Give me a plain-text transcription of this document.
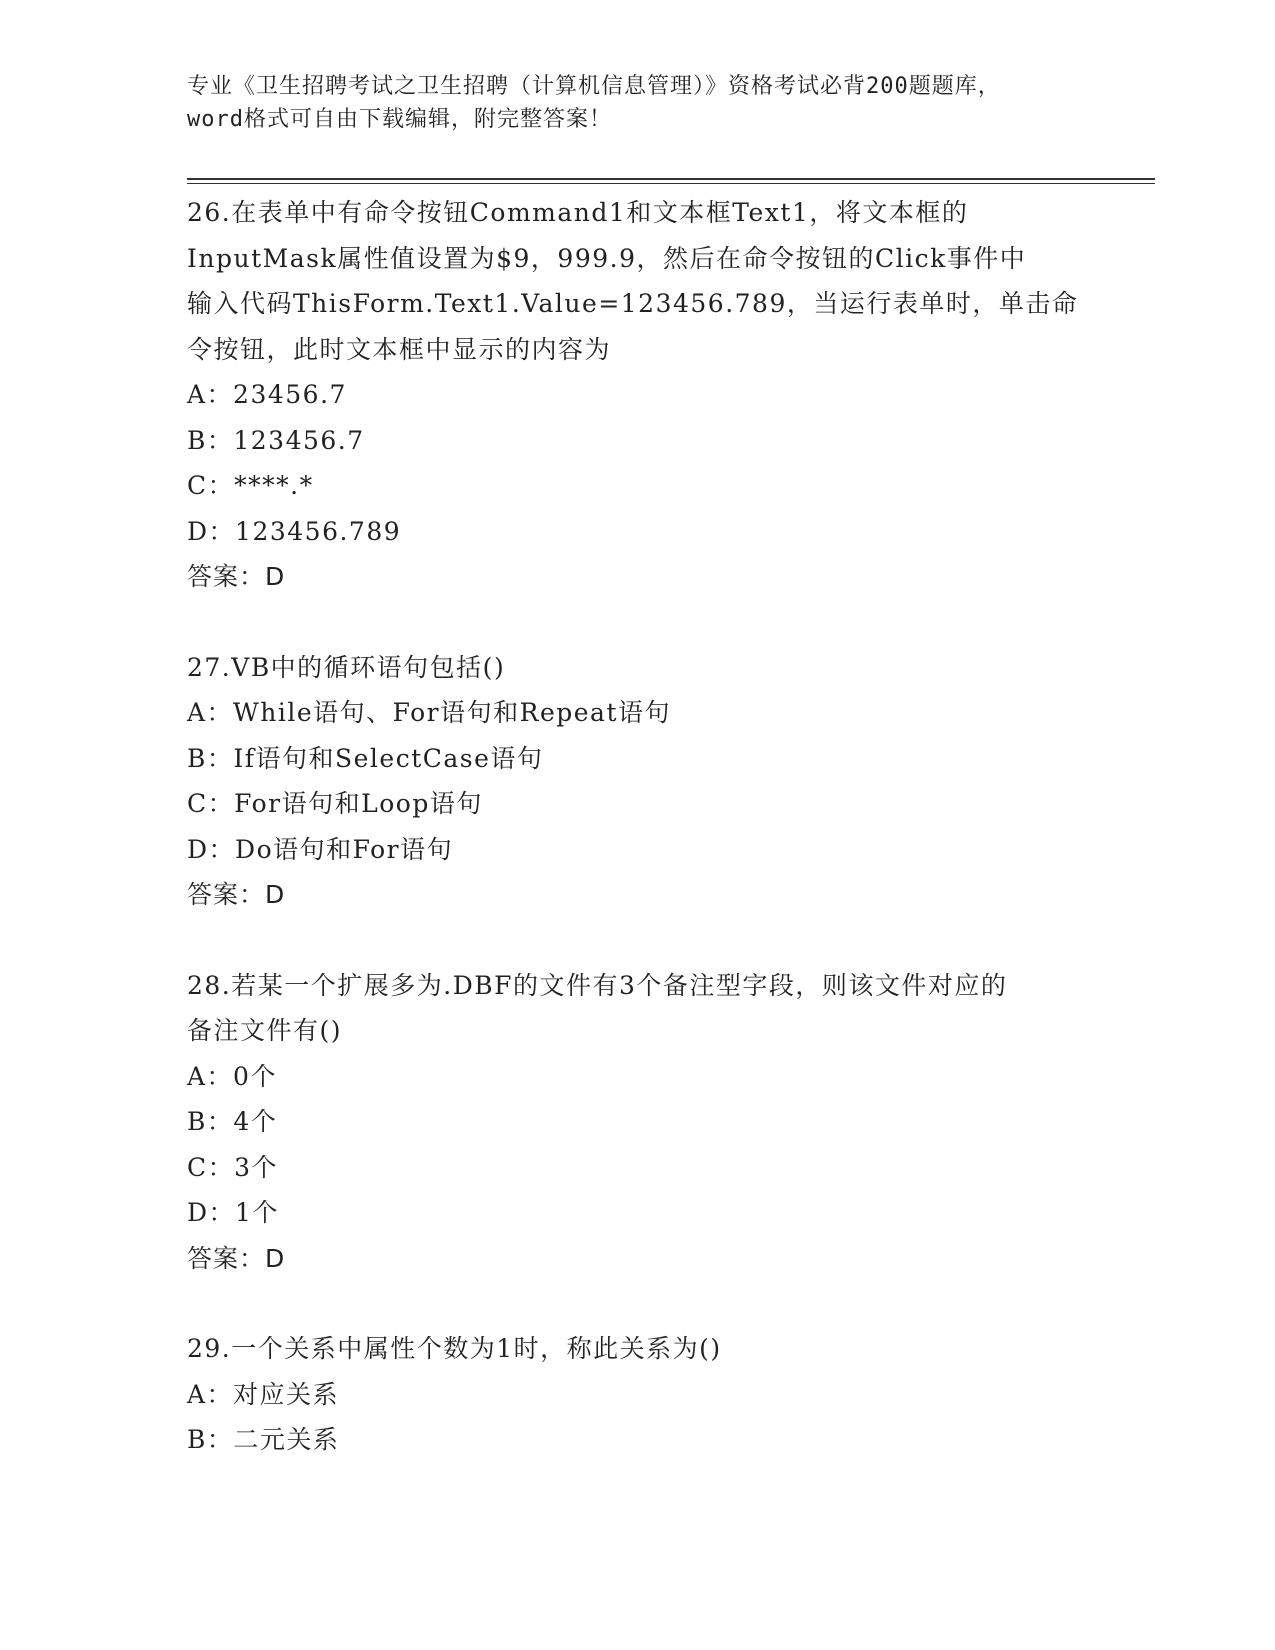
专业《卫生招聘考试之卫生招聘（计算机信息管理）》资格考试必背200题题库，
word格式可自由下载编辑，附完整答案！
26.在表单中有命令按钮Command1和文本框Text1，将文本框的
InputMask属性值设置为$9，999.9，然后在命令按钮的Click事件中
输入代码ThisForm.Text1.Value=123456.789，当运行表单时，单击命
令按钮，此时文本框中显示的内容为
A：23456.7
B：123456.7
C：****.*
D：123456.789
答案：D
27.VB中的循环语句包括()
A：While语句、For语句和Repeat语句
B：If语句和SelectCase语句
C：For语句和Loop语句
D：Do语句和For语句
答案：D
28.若某一个扩展多为.DBF的文件有3个备注型字段，则该文件对应的
备注文件有()
A：0个
B：4个
C：3个
D：1个
答案：D
29.一个关系中属性个数为1时，称此关系为()
A：对应关系
B：二元关系
